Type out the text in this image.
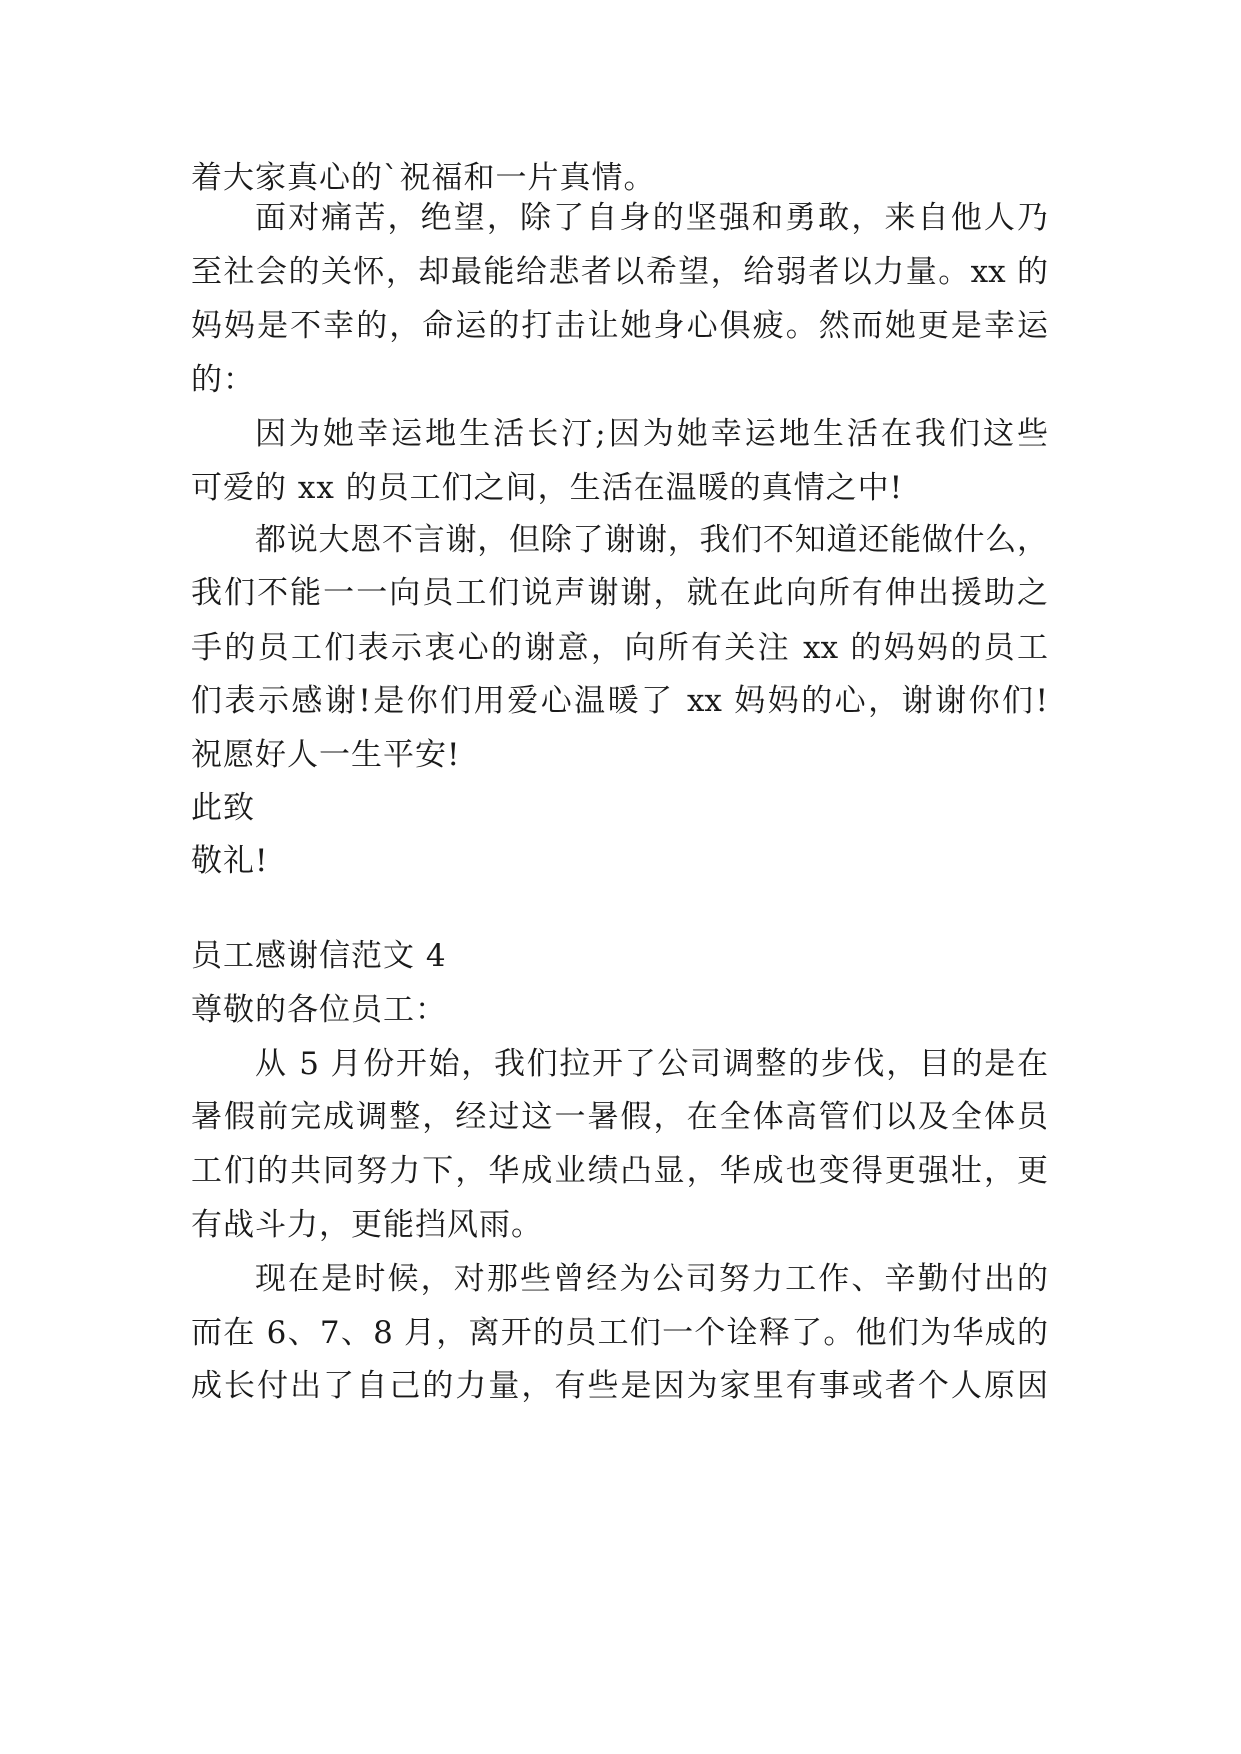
着大家真心的`祝福和一片真情。
面对痛苦，绝望，除了自身的坚强和勇敢，来自他人乃
至社会的关怀，却最能给悲者以希望，给弱者以力量。xx 的
妈妈是不幸的，命运的打击让她身心俱疲。然而她更是幸运
的：
因为她幸运地生活长汀;因为她幸运地生活在我们这些
可爱的 xx 的员工们之间，生活在温暖的真情之中!
都说大恩不言谢，但除了谢谢，我们不知道还能做什么，
我们不能一一向员工们说声谢谢，就在此向所有伸出援助之
手的员工们表示衷心的谢意，向所有关注 xx 的妈妈的员工
们表示感谢!是你们用爱心温暖了 xx 妈妈的心，谢谢你们!
祝愿好人一生平安!
此致
敬礼!
员工感谢信范文 4
尊敬的各位员工：
从 5 月份开始，我们拉开了公司调整的步伐，目的是在
暑假前完成调整，经过这一暑假，在全体高管们以及全体员
工们的共同努力下，华成业绩凸显，华成也变得更强壮，更
有战斗力，更能挡风雨。
现在是时候，对那些曾经为公司努力工作、辛勤付出的
而在 6、7、8 月，离开的员工们一个诠释了。他们为华成的
成长付出了自己的力量，有些是因为家里有事或者个人原因
